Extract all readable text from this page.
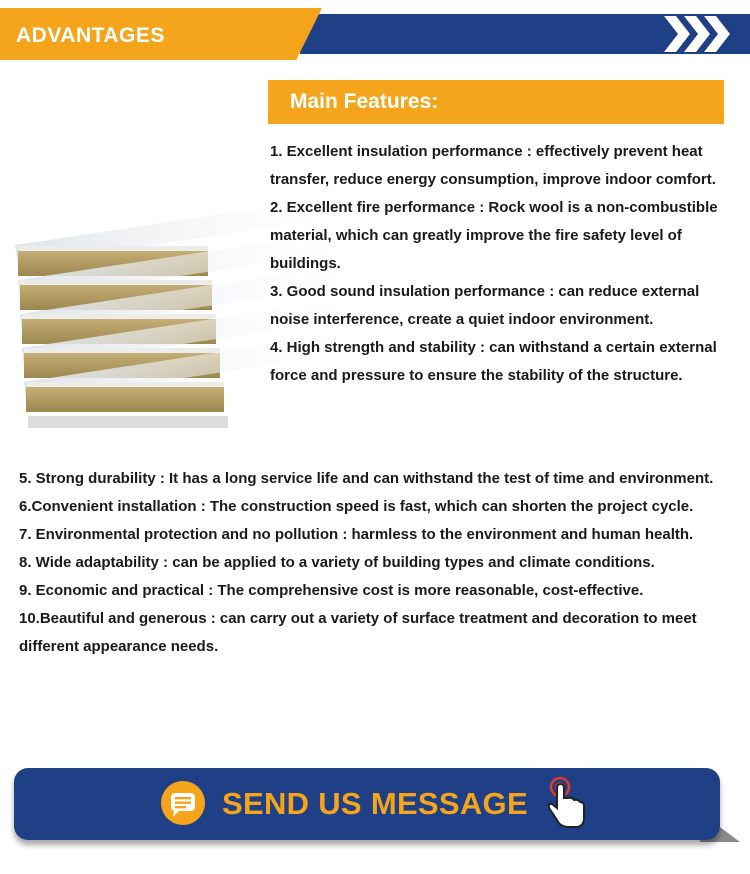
ADVANTAGES
Main Features:

1. Excellent insulation performance : effectively prevent heat transfer, reduce energy consumption, improve indoor comfort.

2. Excellent fire performance : Rock wool is a non-combustible material, which can greatly improve the fire safety level of buildings.

3. Good sound insulation performance : can reduce external noise interference, create a quiet indoor environment.

4. High strength and stability : can withstand a certain external force and pressure to ensure the stability of the structure.

5. Strong durability : It has a long service life and can withstand the test of time and environment.

6.Convenient installation : The construction speed is fast, which can shorten the project cycle.

7. Environmental protection and no pollution : harmless to the environment and human health.

8. Wide adaptability : can be applied to a variety of building types and climate conditions.

9. Economic and practical : The comprehensive cost is more reasonable, cost-effective.

10.Beautiful and generous : can carry out a variety of surface treatment and decoration to meet different appearance needs.

SEND US MESSAGE
